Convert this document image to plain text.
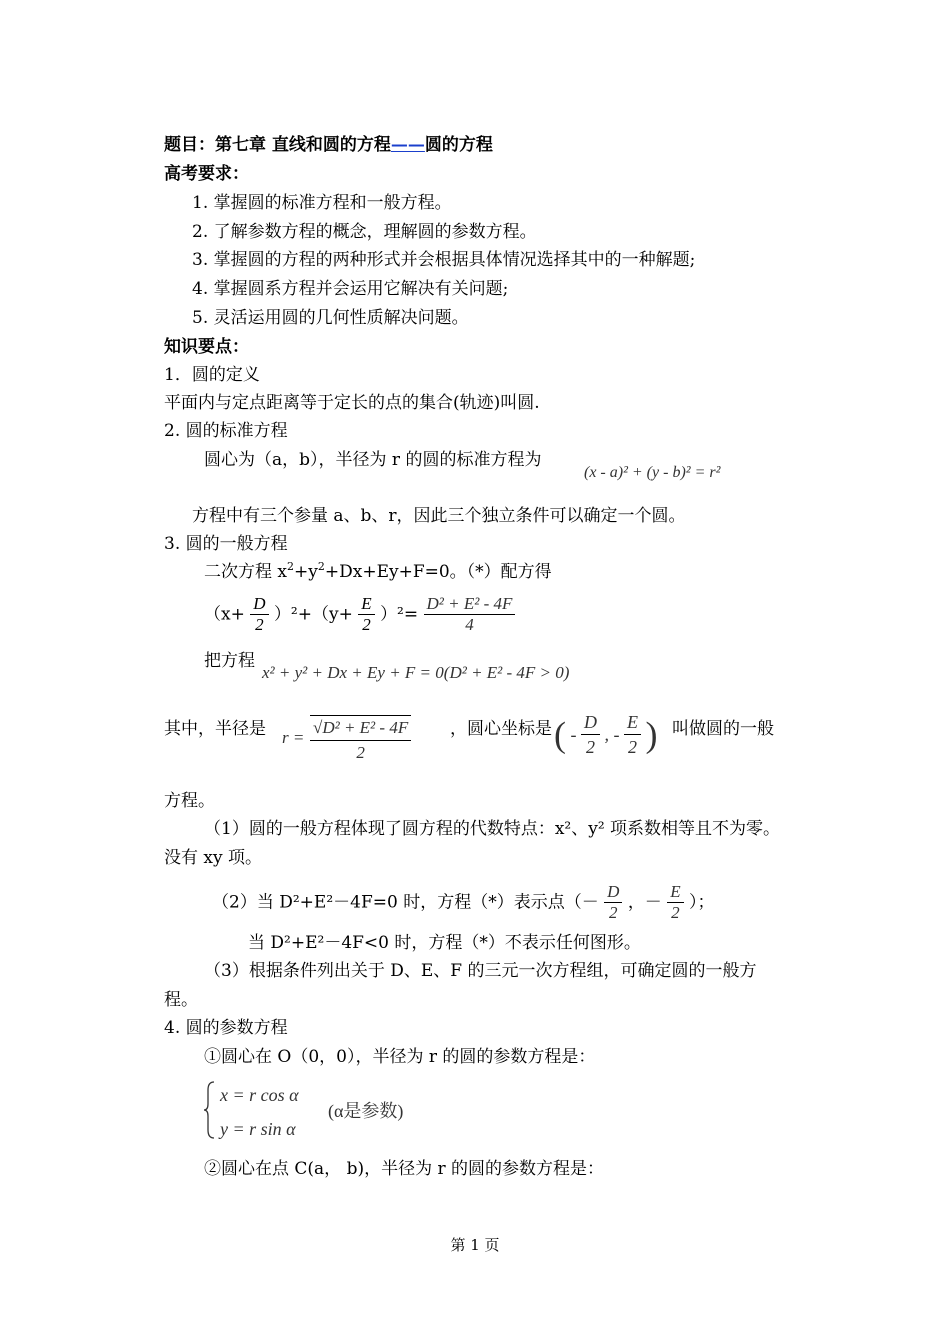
题目：第七章 直线和圆的方程——圆的方程
高考要求：
1. 掌握圆的标准方程和一般方程。
2. 了解参数方程的概念，理解圆的参数方程。
3. 掌握圆的方程的两种形式并会根据具体情况选择其中的一种解题;
4. 掌握圆系方程并会运用它解决有关问题;
5. 灵活运用圆的几何性质解决问题。
知识要点：
1．圆的定义
平面内与定点距离等于定长的点的集合(轨迹)叫圆.
2. 圆的标准方程
圆心为（a，b），半径为 r 的圆的标准方程为
(x - a)² + (y - b)² = r²
方程中有三个参量 a、b、r，因此三个独立条件可以确定一个圆。
3. 圆的一般方程
二次方程 $x^2+y^2+Dx+Ey+F=0$。（*）配方得
$(x+ \frac{D}{2} )^2+(y+ \frac{E}{2} )^2= \frac{\text{D² + E² - 4F}}{4}$
把方程
x² + y² + Dx + Ey + F = 0(D² + E² - 4F > 0)
其中，半径是 $r = \frac{\text{√D² + E² - 4F}}{2}$ ，圆心坐标是 ( - $\frac{D}{2}$ , - $\frac{E}{2}$ ) 叫做圆的一般
方程。
（1）圆的一般方程体现了圆方程的代数特点：x²、y² 项系数相等且不为零。
没有 xy 项。
（2）当 D²+E²－4F=0 时，方程（*）表示点（－ $\frac{D}{2}$ ，－ $\frac{E}{2}$ ）；
当 D²+E²－4F<0 时，方程（*）不表示任何图形。
（3）根据条件列出关于 D、E、F 的三元一次方程组，可确定圆的一般方
程。
4. 圆的参数方程
①圆心在 O（0，0），半径为 r 的圆的参数方程是：
x = r cos α
y = r sin α
(α是参数)
②圆心在点 C(a， b)，半径为 r 的圆的参数方程是：
第 1 页
